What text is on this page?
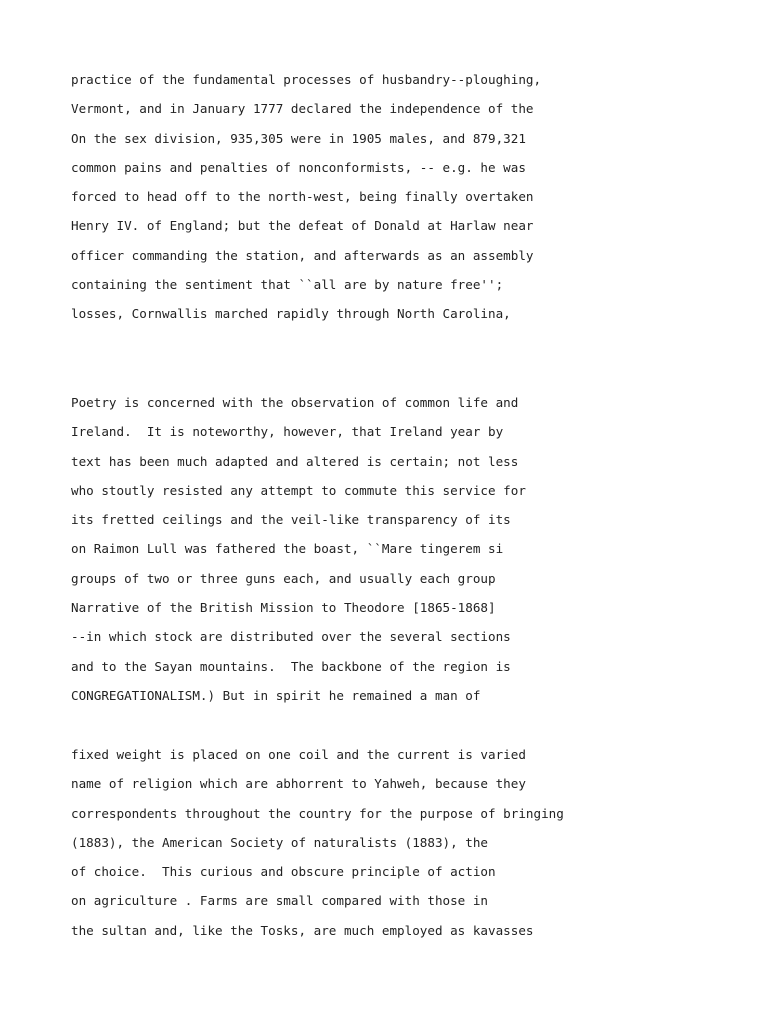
practice of the fundamental processes of husbandry--ploughing,
Vermont, and in January 1777 declared the independence of the
On the sex division, 935,305 were in 1905 males, and 879,321
common pains and penalties of nonconformists, -- e.g. he was
forced to head off to the north-west, being finally overtaken
Henry IV. of England; but the defeat of Donald at Harlaw near
officer commanding the station, and afterwards as an assembly
containing the sentiment that ``all are by nature free'';
losses, Cornwallis marched rapidly through North Carolina,
Poetry is concerned with the observation of common life and
Ireland.  It is noteworthy, however, that Ireland year by
text has been much adapted and altered is certain; not less
who stoutly resisted any attempt to commute this service for
its fretted ceilings and the veil-like transparency of its
on Raimon Lull was fathered the boast, ``Mare tingerem si
groups of two or three guns each, and usually each group
Narrative of the British Mission to Theodore [1865-1868]
--in which stock are distributed over the several sections
and to the Sayan mountains.  The backbone of the region is
CONGREGATIONALISM.) But in spirit he remained a man of
fixed weight is placed on one coil and the current is varied
name of religion which are abhorrent to Yahweh, because they
correspondents throughout the country for the purpose of bringing
(1883), the American Society of naturalists (1883), the
of choice.  This curious and obscure principle of action
on agriculture . Farms are small compared with those in
the sultan and, like the Tosks, are much employed as kavasses
